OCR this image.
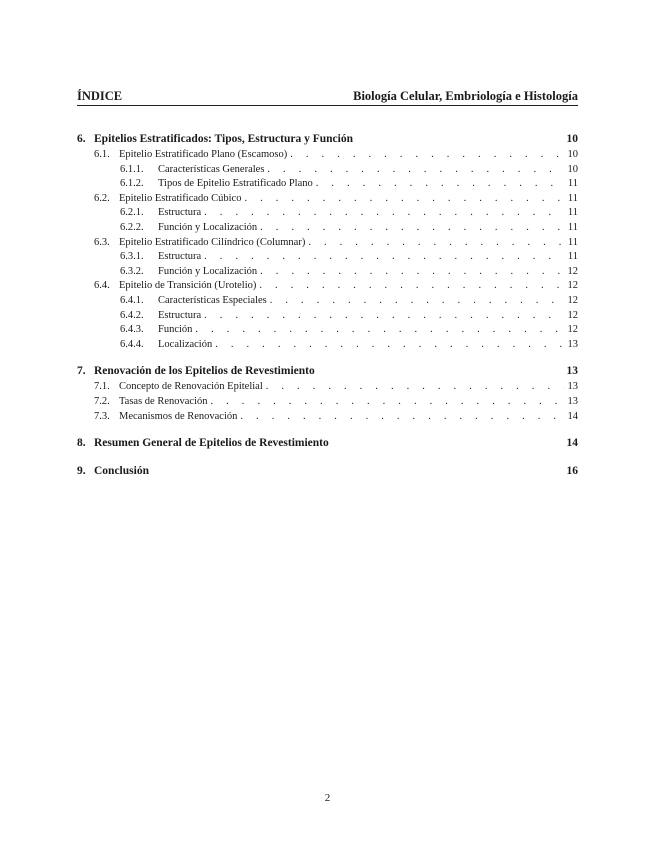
ÍNDICE	Biología Celular, Embriología e Histología
6. Epitelios Estratificados: Tipos, Estructura y Función	10
6.1. Epitelio Estratificado Plano (Escamoso) . . .	10
6.1.1.	Características Generales . . .	10
6.1.2.	Tipos de Epitelio Estratificado Plano . . .	11
6.2. Epitelio Estratificado Cúbico . . .	11
6.2.1.	Estructura . . .	11
6.2.2.	Función y Localización . . .	11
6.3. Epitelio Estratificado Cilíndrico (Columnar) . . .	11
6.3.1.	Estructura . . .	11
6.3.2.	Función y Localización . . .	12
6.4. Epitelio de Transición (Urotelio) . . .	12
6.4.1.	Características Especiales . . .	12
6.4.2.	Estructura . . .	12
6.4.3.	Función . . .	12
6.4.4.	Localización . . .	13
7. Renovación de los Epitelios de Revestimiento	13
7.1. Concepto de Renovación Epitelial . . .	13
7.2. Tasas de Renovación . . .	13
7.3. Mecanismos de Renovación . . .	14
8. Resumen General de Epitelios de Revestimiento	14
9. Conclusión	16
2
